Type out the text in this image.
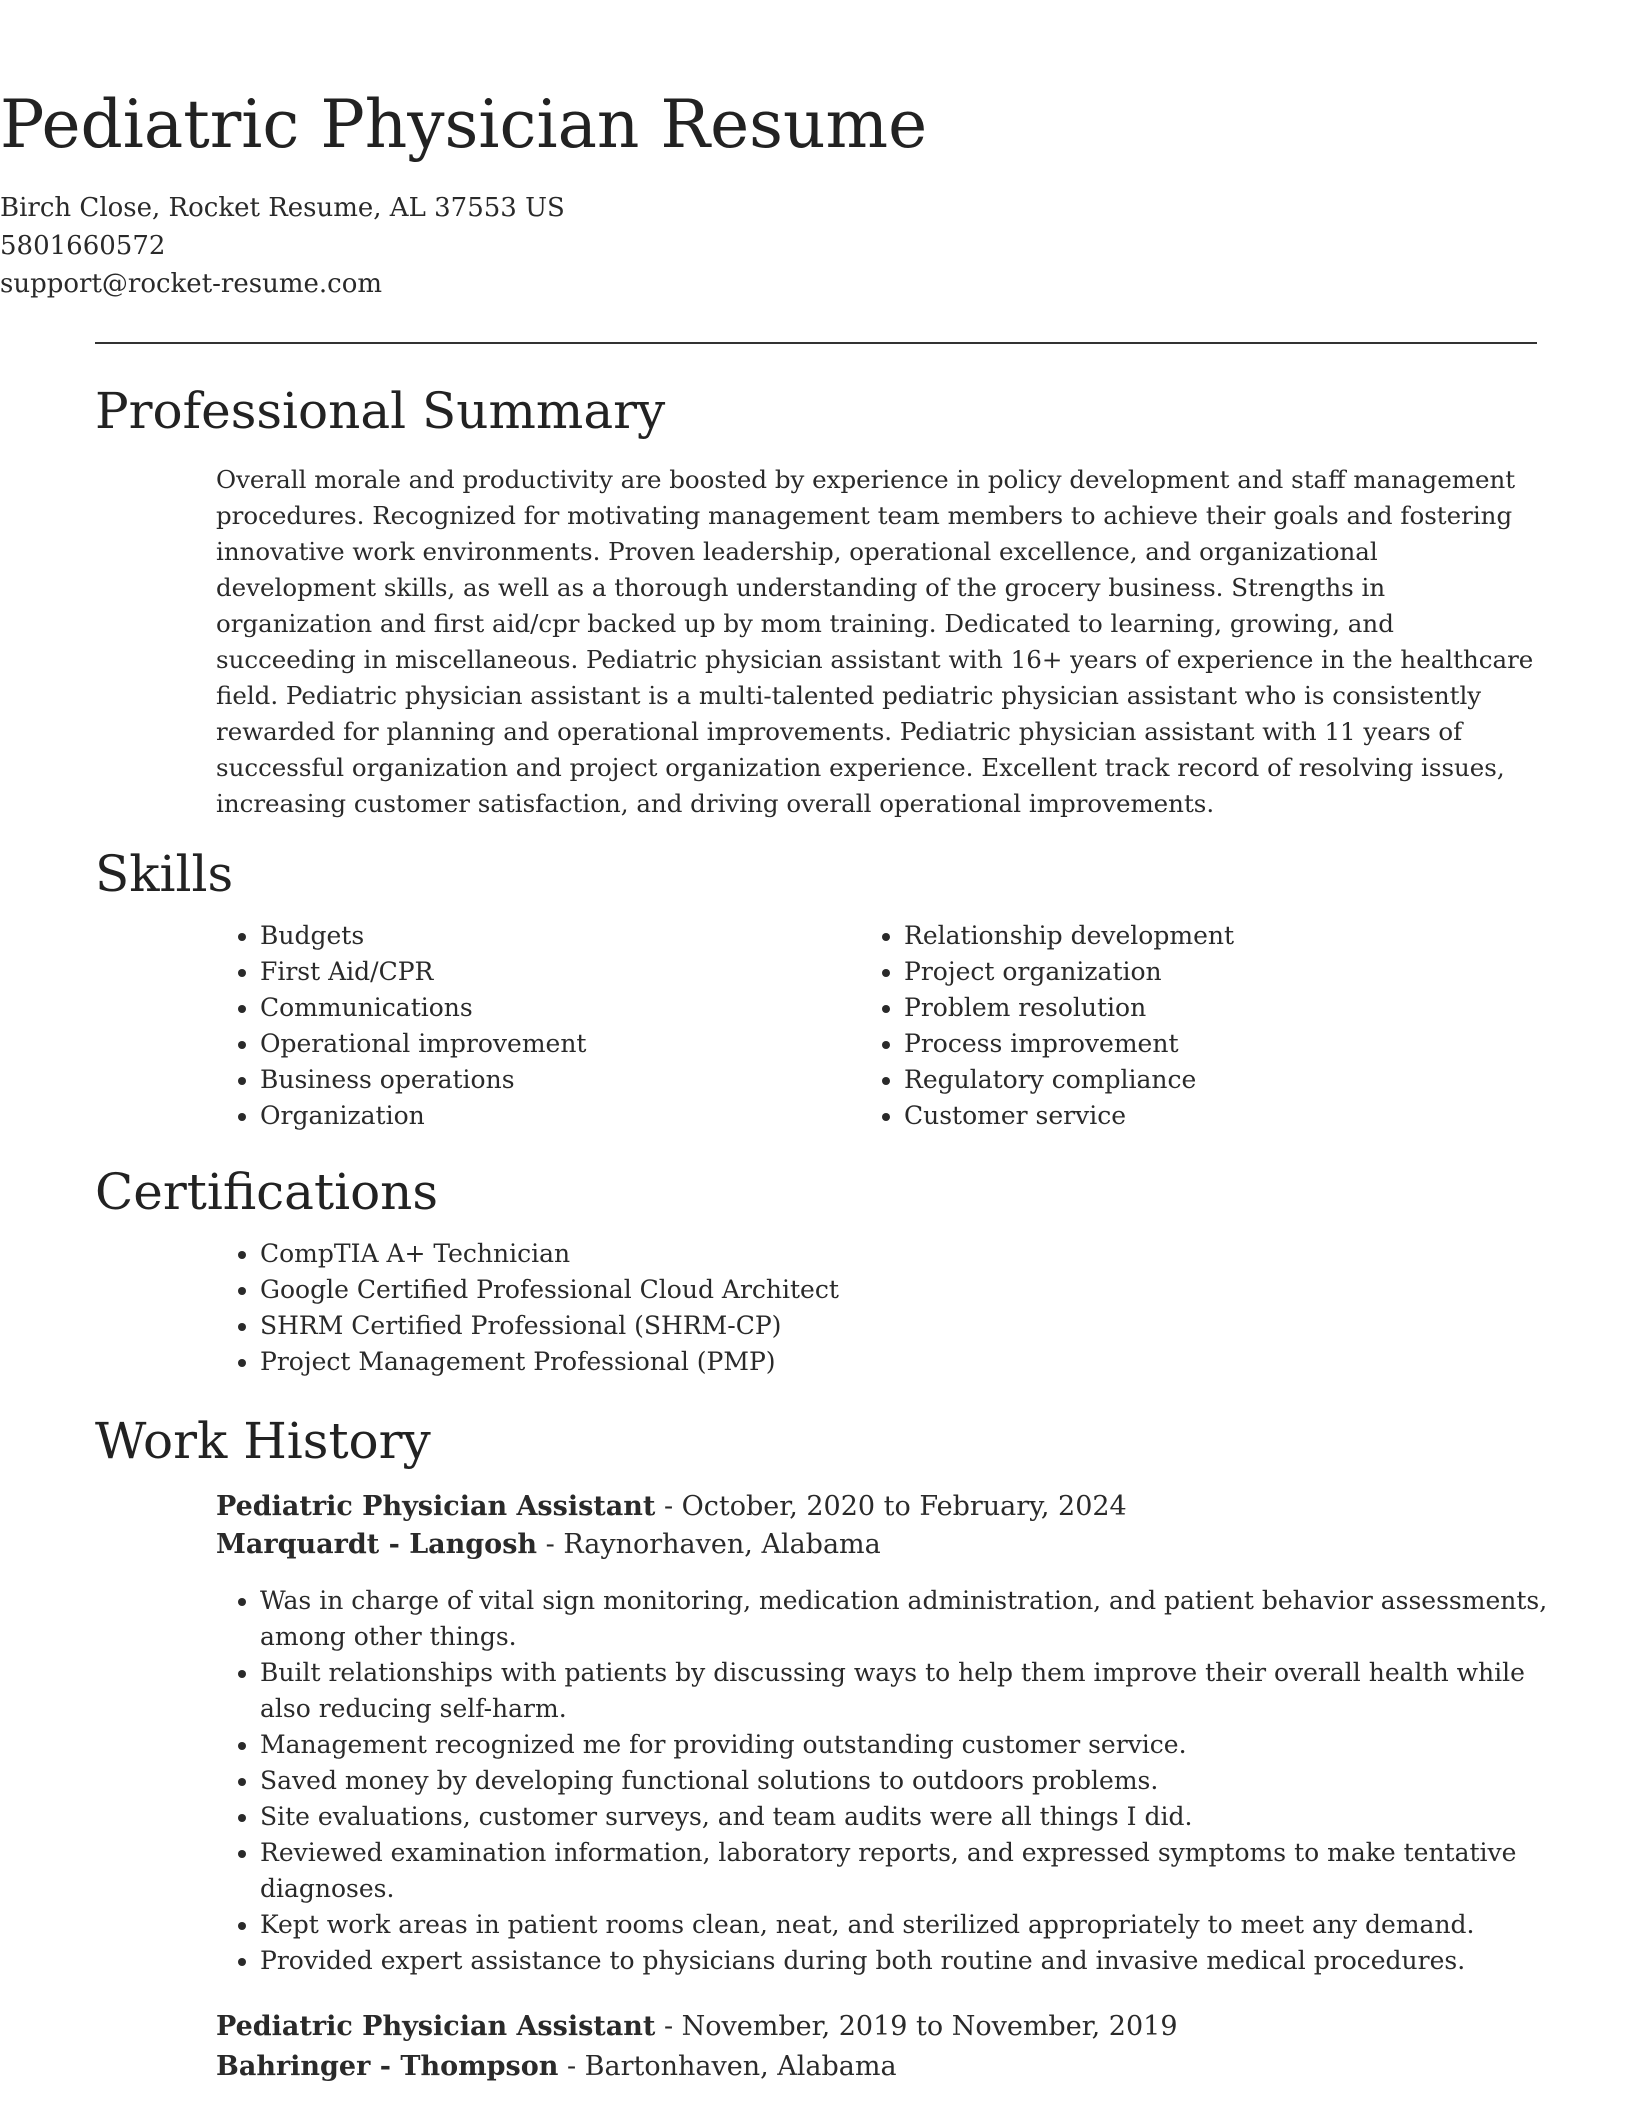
Pediatric Physician Resume
Birch Close, Rocket Resume, AL 37553 US
5801660572
support@rocket-resume.com
Professional Summary

Overall morale and productivity are boosted by experience in policy development and staff management procedures. Recognized for motivating management team members to achieve their goals and fostering innovative work environments. Proven leadership, operational excellence, and organizational development skills, as well as a thorough understanding of the grocery business. Strengths in organization and first aid/cpr backed up by mom training. Dedicated to learning, growing, and succeeding in miscellaneous. Pediatric physician assistant with 16+ years of experience in the healthcare field. Pediatric physician assistant is a multi-talented pediatric physician assistant who is consistently rewarded for planning and operational improvements. Pediatric physician assistant with 11 years of successful organization and project organization experience. Excellent track record of resolving issues, increasing customer satisfaction, and driving overall operational improvements.

Skills
• Budgets
• First Aid/CPR
• Communications
• Operational improvement
• Business operations
• Organization
• Relationship development
• Project organization
• Problem resolution
• Process improvement
• Regulatory compliance
• Customer service
Certifications
• CompTIA A+ Technician
• Google Certified Professional Cloud Architect
• SHRM Certified Professional (SHRM-CP)
• Project Management Professional (PMP)
Work History
Pediatric Physician Assistant - October, 2020 to February, 2024
Marquardt - Langosh - Raynorhaven, Alabama
• Was in charge of vital sign monitoring, medication administration, and patient behavior assessments, among other things.
• Built relationships with patients by discussing ways to help them improve their overall health while also reducing self-harm.
• Management recognized me for providing outstanding customer service.
• Saved money by developing functional solutions to outdoors problems.
• Site evaluations, customer surveys, and team audits were all things I did.
• Reviewed examination information, laboratory reports, and expressed symptoms to make tentative diagnoses.
• Kept work areas in patient rooms clean, neat, and sterilized appropriately to meet any demand.
• Provided expert assistance to physicians during both routine and invasive medical procedures.
Pediatric Physician Assistant - November, 2019 to November, 2019
Bahringer - Thompson - Bartonhaven, Alabama
